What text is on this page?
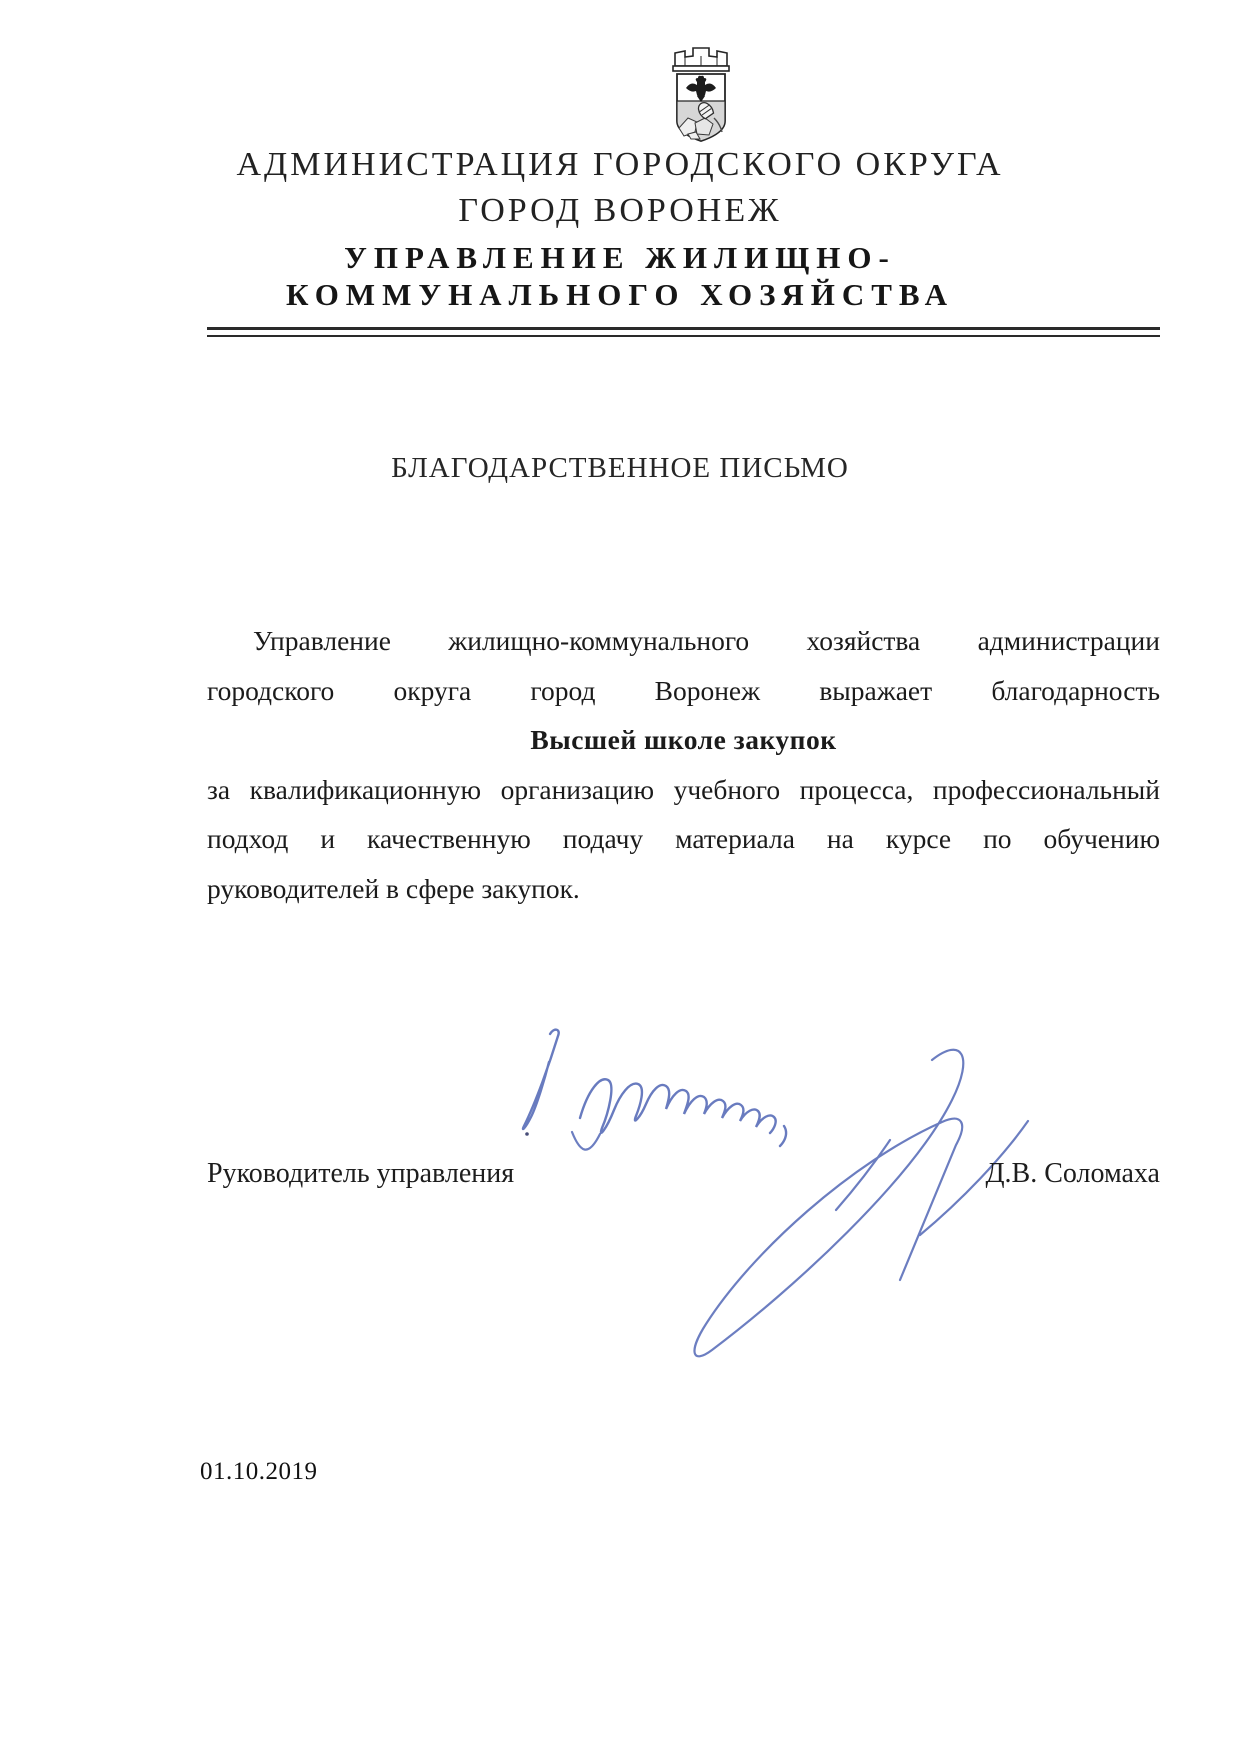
АДМИНИСТРАЦИЯ ГОРОДСКОГО ОКРУГА
ГОРОД ВОРОНЕЖ
УПРАВЛЕНИЕ ЖИЛИЩНО-
КОММУНАЛЬНОГО ХОЗЯЙСТВА
БЛАГОДАРСТВЕННОЕ ПИСЬМО
Управление жилищно-коммунального хозяйства администрации
городского округа город Воронеж выражает благодарность
Высшей школе закупок
за квалификационную организацию учебного процесса, профессиональный
подход и качественную подачу материала на курсе по обучению
руководителей в сфере закупок.
Руководитель управления	Д.В. Соломаха
01.10.2019
